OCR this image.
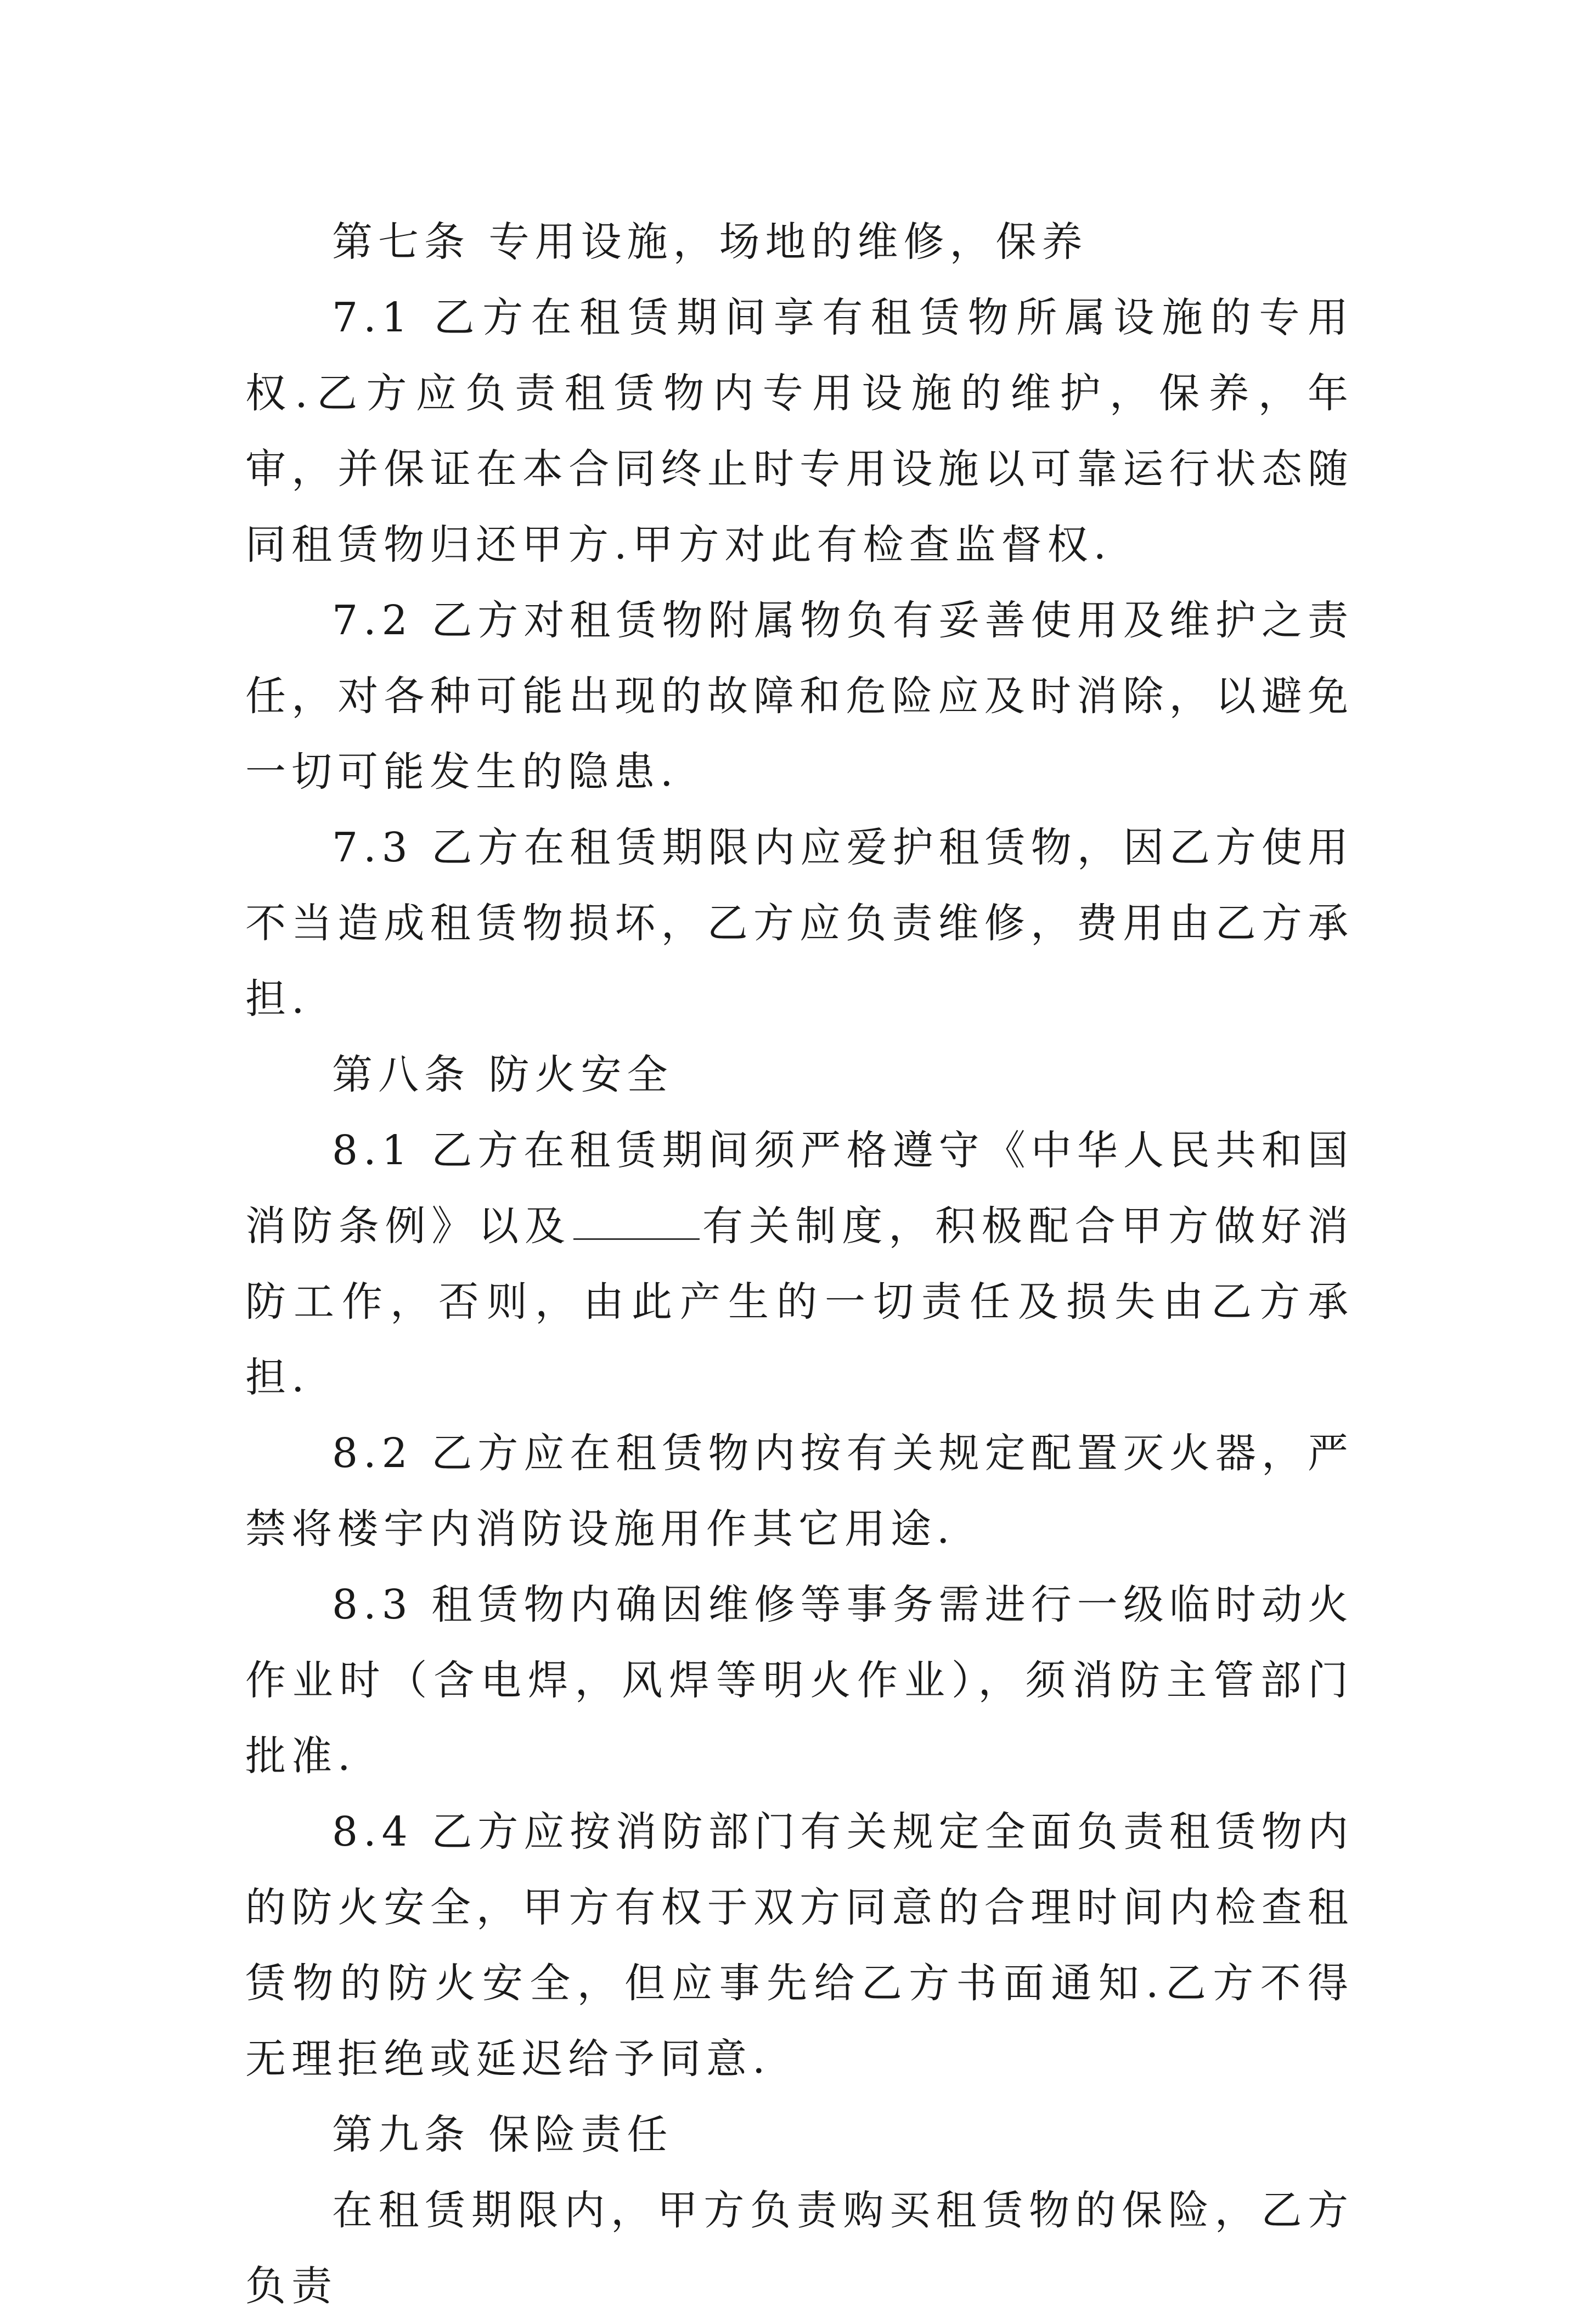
第七条 专用设施，场地的维修，保养

7.1 乙方在租赁期间享有租赁物所属设施的专用权.乙方应负责租赁物内专用设施的维护，保养，年审，并保证在本合同终止时专用设施以可靠运行状态随同租赁物归还甲方.甲方对此有检查监督权.

7.2 乙方对租赁物附属物负有妥善使用及维护之责任，对各种可能出现的故障和危险应及时消除，以避免一切可能发生的隐患.

7.3 乙方在租赁期限内应爱护租赁物，因乙方使用不当造成租赁物损坏，乙方应负责维修，费用由乙方承担.

第八条 防火安全

8.1 乙方在租赁期间须严格遵守《中华人民共和国消防条例》以及	有关制度，积极配合甲方做好消防工作，否则，由此产生的一切责任及损失由乙方承担.

8.2 乙方应在租赁物内按有关规定配置灭火器，严禁将楼宇内消防设施用作其它用途.

8.3 租赁物内确因维修等事务需进行一级临时动火作业时（含电焊，风焊等明火作业），须消防主管部门批准.

8.4 乙方应按消防部门有关规定全面负责租赁物内的防火安全，甲方有权于双方同意的合理时间内检查租赁物的防火安全，但应事先给乙方书面通知.乙方不得无理拒绝或延迟给予同意.

第九条 保险责任

在租赁期限内，甲方负责购买租赁物的保险，乙方负责
